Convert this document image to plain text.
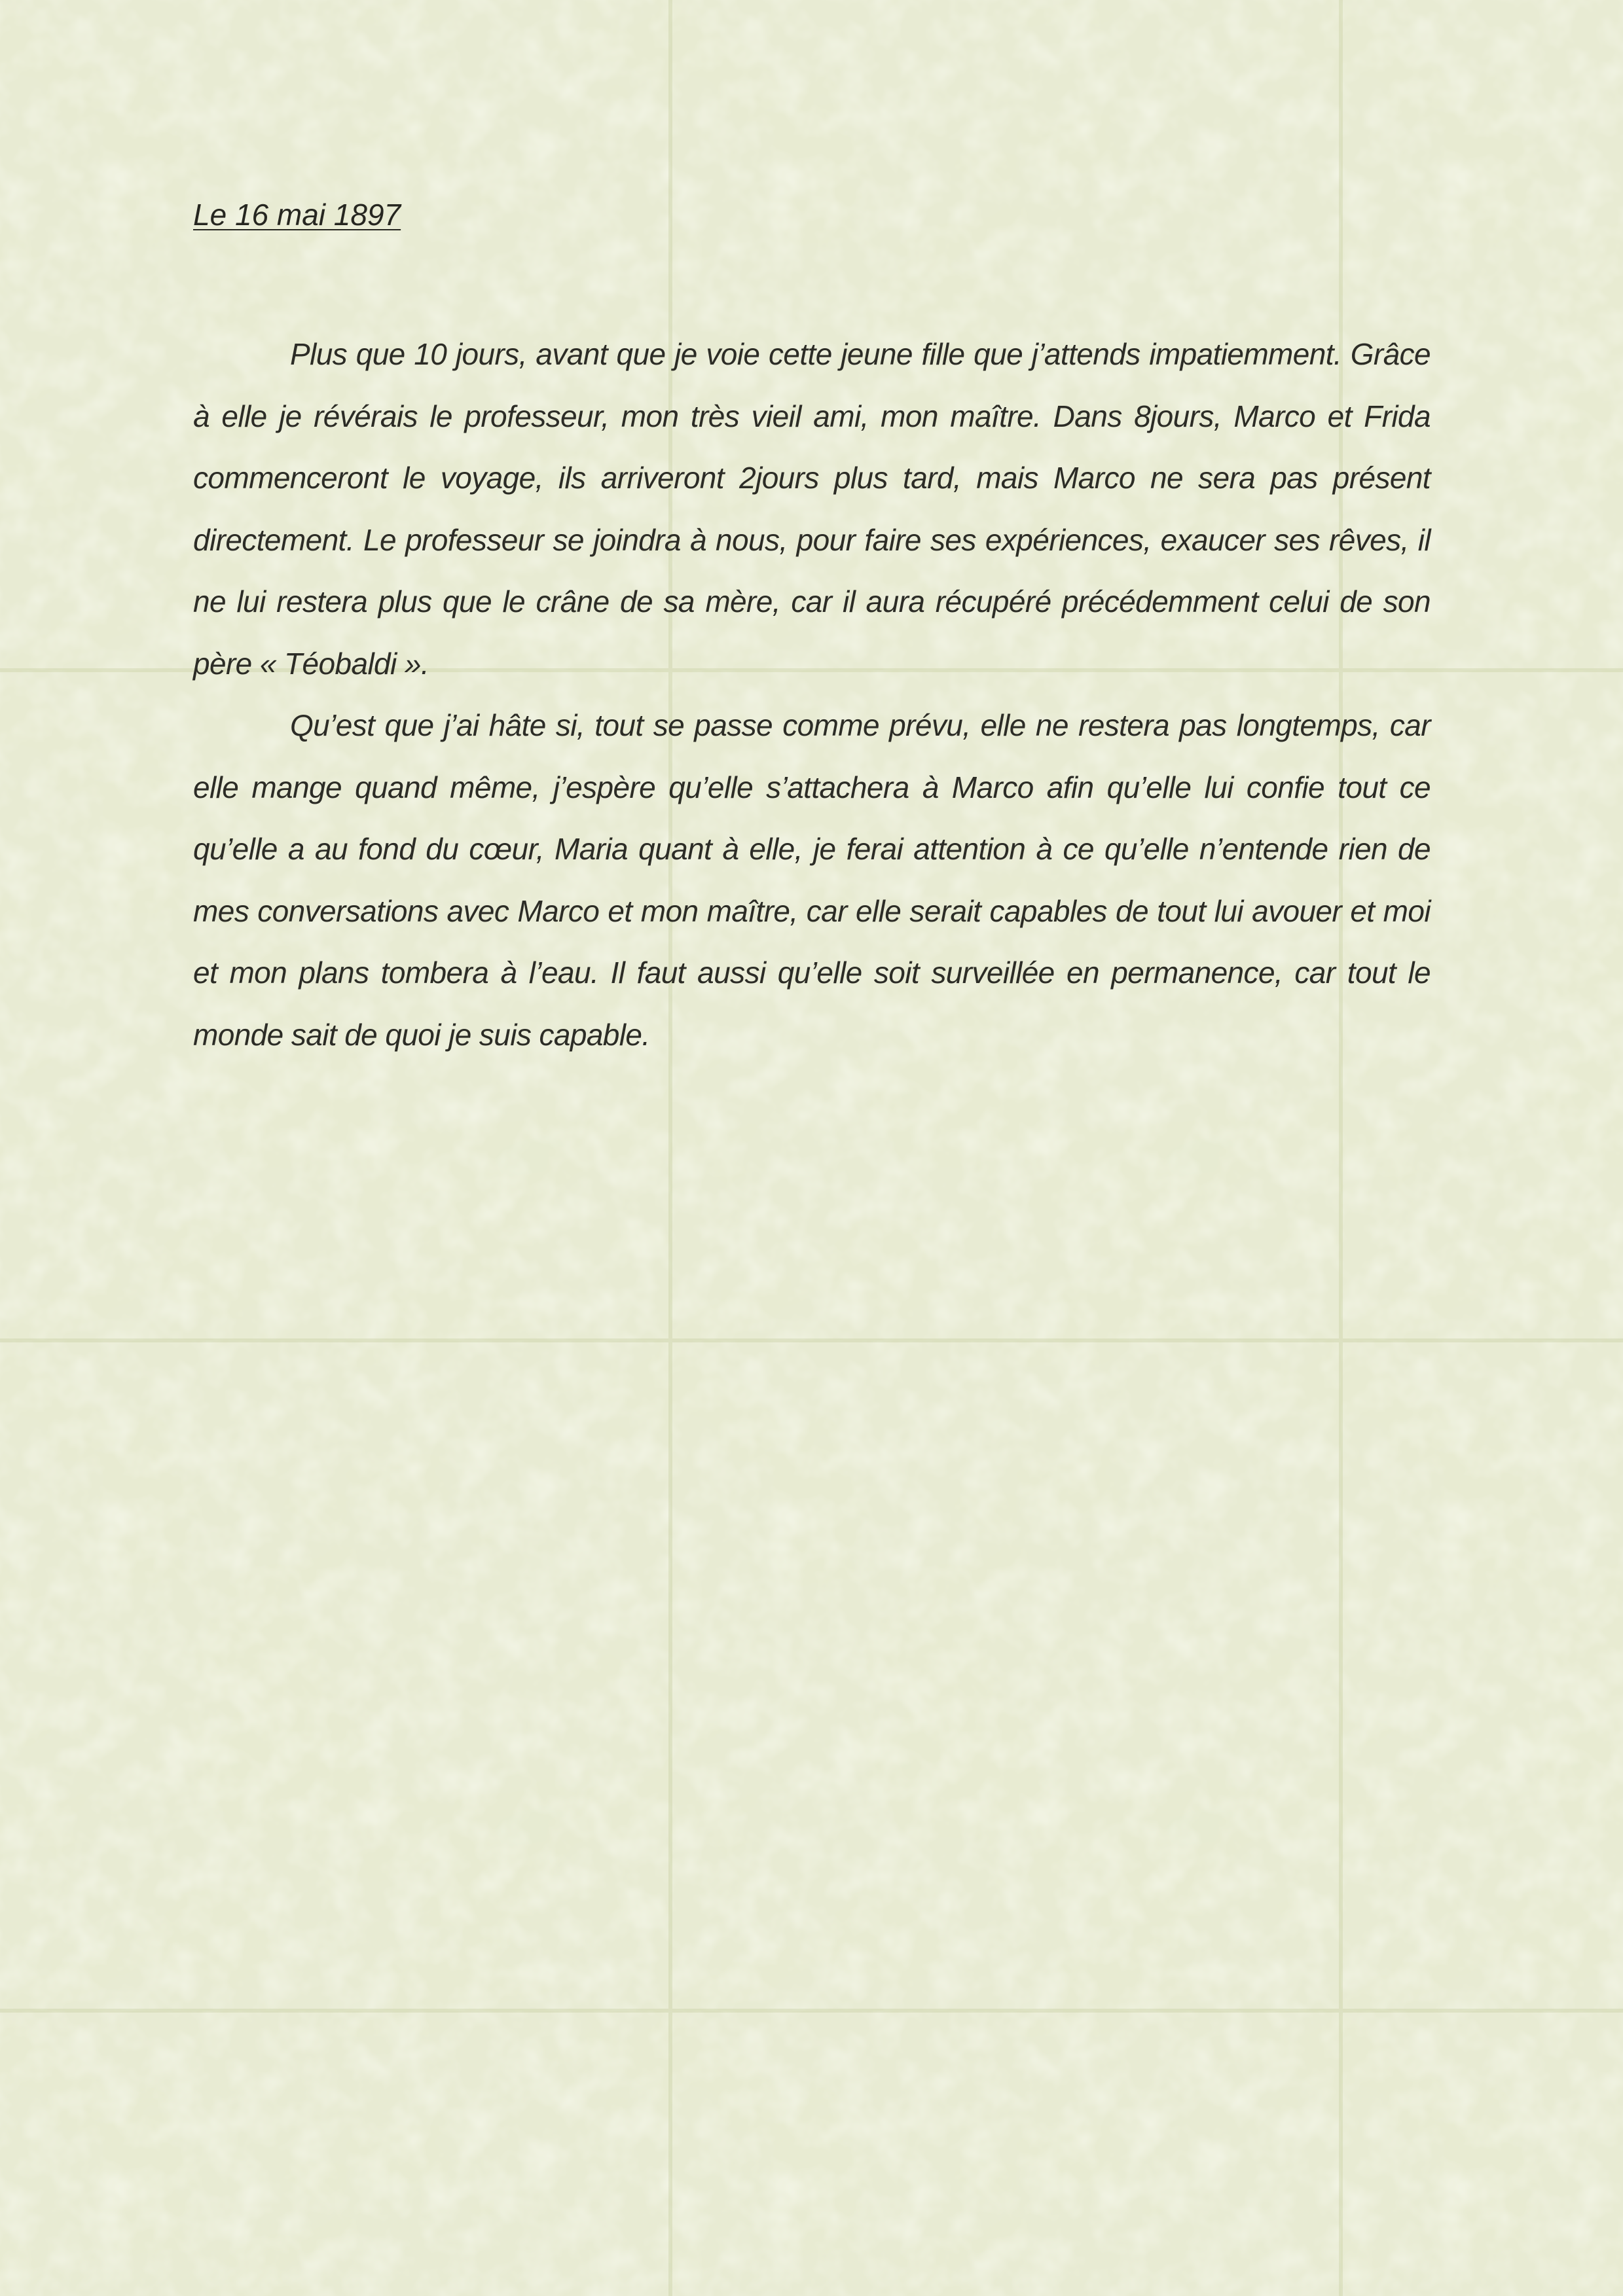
Le 16 mai 1897

Plus que 10 jours, avant que je voie cette jeune fille que j’attends impatiemment. Grâce à elle je révérais le professeur, mon très vieil ami, mon maître. Dans 8jours, Marco et Frida commenceront le voyage, ils arriveront 2jours plus tard, mais Marco ne sera pas présent directement. Le professeur se joindra à nous, pour faire ses expériences, exaucer ses rêves, il ne lui restera plus que le crâne de sa mère, car il aura récupéré précédemment celui de son père « Téobaldi ».

Qu’est que j’ai hâte si, tout se passe comme prévu, elle ne restera pas longtemps, car elle mange quand même, j’espère qu’elle s’attachera à Marco afin qu’elle lui confie tout ce qu’elle a au fond du cœur, Maria quant à elle, je ferai attention à ce qu’elle n’entende rien de mes conversations avec Marco et mon maître, car elle serait capables de tout lui avouer et moi et mon plans tombera à l’eau. Il faut aussi qu’elle soit surveillée en permanence, car tout le monde sait de quoi je suis capable.
